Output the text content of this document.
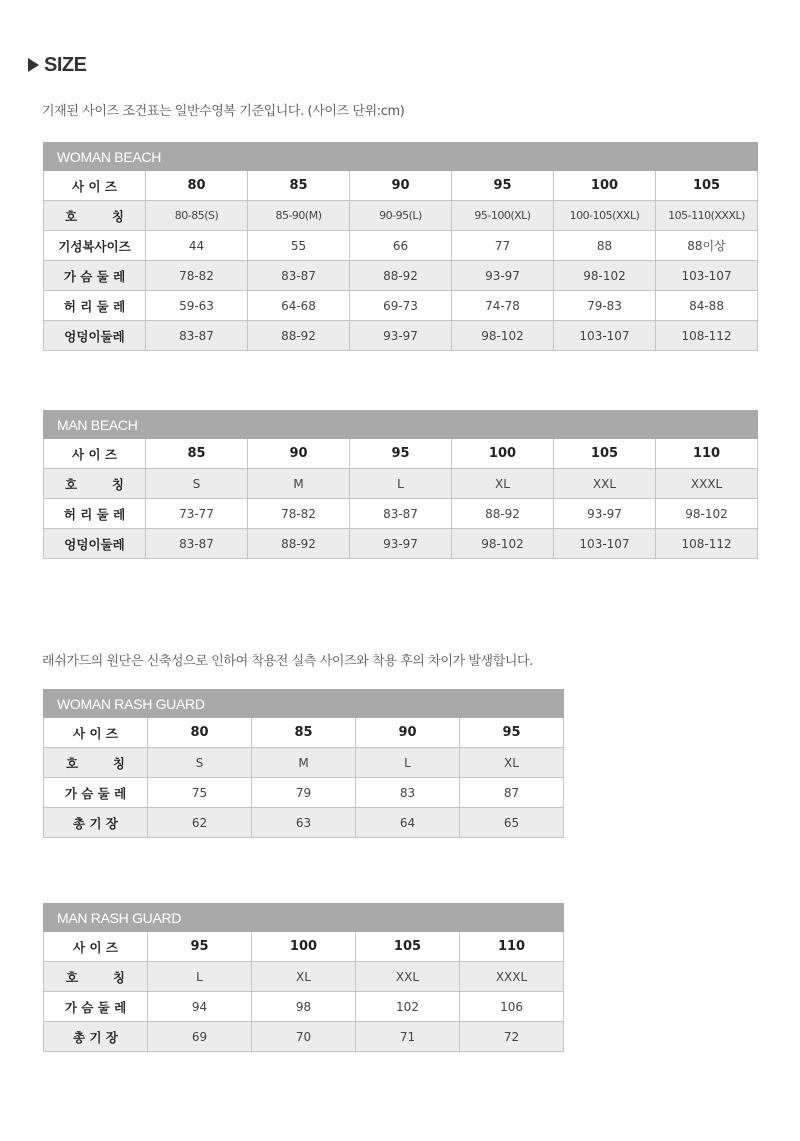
SIZE
기재된 사이즈 조건표는 일반수영복 기준입니다. (사이즈 단위:cm)
WOMAN BEACH						
사 이 즈	80	85	90	95	100	105
호        칭	80-85(S)	85-90(M)	90-95(L)	95-100(XL)	100-105(XXL)	105-110(XXXL)
기성복사이즈	44	55	66	77	88	88이상
가 슴 둘 레	78-82	83-87	88-92	93-97	98-102	103-107
허 리 둘 레	59-63	64-68	69-73	74-78	79-83	84-88
엉덩이둘레	83-87	88-92	93-97	98-102	103-107	108-112
MAN BEACH						
사 이 즈	85	90	95	100	105	110
호        칭	S	M	L	XL	XXL	XXXL
허 리 둘 레	73-77	78-82	83-87	88-92	93-97	98-102
엉덩이둘레	83-87	88-92	93-97	98-102	103-107	108-112
래쉬가드의 원단은 신축성으로 인하여 착용전 실측 사이즈와 착용 후의 차이가 발생합니다.
WOMAN RASH GUARD				
사 이 즈	80	85	90	95
호        칭	S	M	L	XL
가 슴 둘 레	75	79	83	87
총 기 장	62	63	64	65
MAN RASH GUARD				
사 이 즈	95	100	105	110
호        칭	L	XL	XXL	XXXL
가 슴 둘 레	94	98	102	106
총 기 장	69	70	71	72
